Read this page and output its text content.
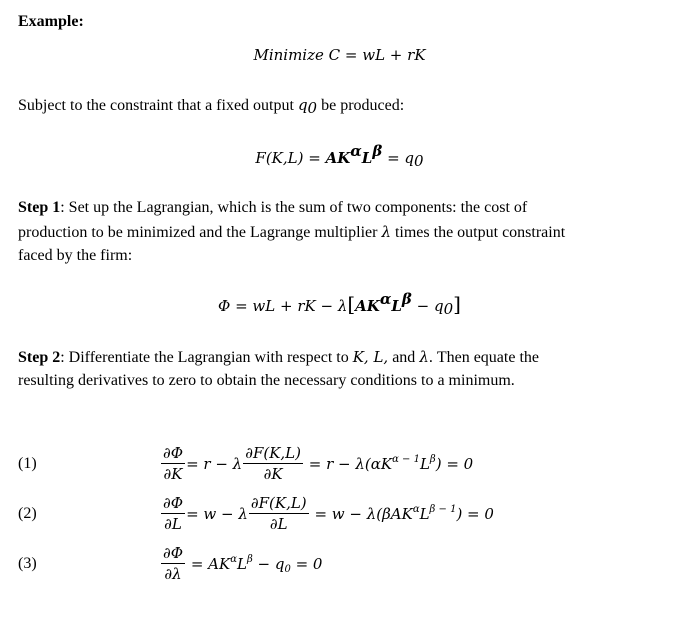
Example:
Minimize C = wL + rK
Subject to the constraint that a fixed output $q_0$ be produced:
$F(K,L) = AK^\alpha L^\beta = q_0$
Step 1: Set up the Lagrangian, which is the sum of two components: the cost of
production to be minimized and the Lagrange multiplier λ times the output constraint
faced by the firm:
Φ = wL + rK − $\lambda[AK^\alpha L^\beta - q_0]$
Step 2: Differentiate the Lagrangian with respect to K, L, and λ. Then equate the
resulting derivatives to zero to obtain the necessary conditions to a minimum.
(1)	$\frac{\partial\Phi}{\partial K} = r - \lambda \frac{\partial F(K,L)}{\partial K} = r - \lambda(\alpha K^{\alpha - 1}L^\beta) = 0$
(2)	$\frac{\partial\Phi}{\partial L} = w - \lambda \frac{\partial F(K,L)}{\partial L} = w - \lambda(\beta AK^\alpha L^{\beta - 1}) = 0$
(3)	$\frac{\partial\Phi}{\partial\lambda} = AK^\alpha L^\beta - q_0 = 0$
